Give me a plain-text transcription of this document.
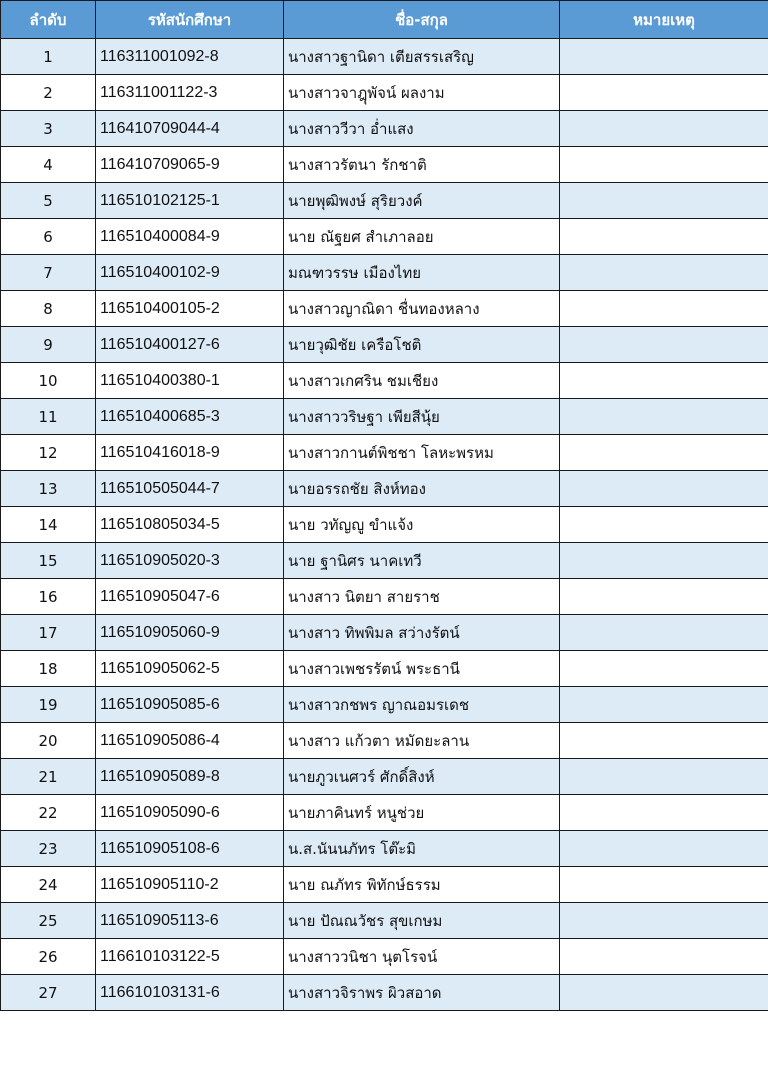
ลำดับ	รหัสนักศึกษา	ชื่อ-สกุล	หมายเหตุ
1	116311001092-8	นางสาวฐานิดา เตียสรรเสริญ	
2	116311001122-3	นางสาวจาฎุพัจน์ ผลงาม	
3	116410709044-4	นางสาววีวา อ่ำแสง	
4	116410709065-9	นางสาวรัตนา รักชาติ	
5	116510102125-1	นายพุฒิพงษ์ สุริยวงค์	
6	116510400084-9	นาย ณัฐยศ สำเภาลอย	
7	116510400102-9	มณฑวรรษ เมืองไทย	
8	116510400105-2	นางสาวญาณิดา ชื่นทองหลาง	
9	116510400127-6	นายวุฒิชัย เครือโชติ	
10	116510400380-1	นางสาวเกศริน ชมเชียง	
11	116510400685-3	นางสาววริษฐา เพียสีนุ้ย	
12	116510416018-9	นางสาวกานต์พิชชา โลหะพรหม	
13	116510505044-7	นายอรรถชัย สิงห์ทอง	
14	116510805034-5	นาย วทัญญู ขำแจ้ง	
15	116510905020-3	นาย ฐานิศร นาคเทวี	
16	116510905047-6	นางสาว นิตยา สายราช	
17	116510905060-9	นางสาว ทิพพิมล สว่างรัตน์	
18	116510905062-5	นางสาวเพชรรัตน์ พระธานี	
19	116510905085-6	นางสาวกชพร ญาณอมรเดช	
20	116510905086-4	นางสาว แก้วตา หมัดยะลาน	
21	116510905089-8	นายภูวเนศวร์ ศักดิ์สิงห์	
22	116510905090-6	นายภาคินทร์ หนูช่วย	
23	116510905108-6	น.ส.นันนภัทร โต๊ะมิ	
24	116510905110-2	นาย ณภัทร พิทักษ์ธรรม	
25	116510905113-6	นาย ปัณณวัชร สุขเกษม	
26	116610103122-5	นางสาววนิชา นุตโรจน์	
27	116610103131-6	นางสาวจิราพร ผิวสอาด	
